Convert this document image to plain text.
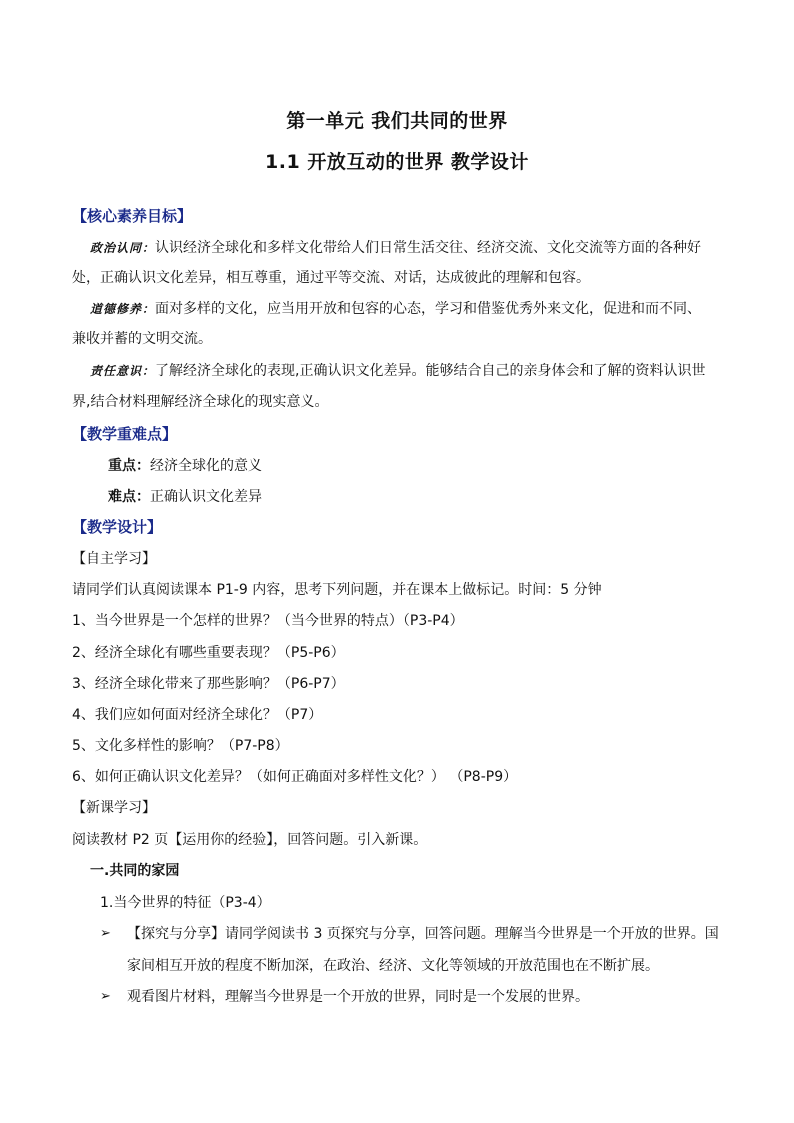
第一单元 我们共同的世界
1.1 开放互动的世界 教学设计
【核心素养目标】
政治认同：认识经济全球化和多样文化带给人们日常生活交往、经济交流、文化交流等方面的各种好
处，正确认识文化差异，相互尊重，通过平等交流、对话，达成彼此的理解和包容。
道德修养：面对多样的文化，应当用开放和包容的心态，学习和借鉴优秀外来文化，促进和而不同、
兼收并蓄的文明交流。
责任意识：了解经济全球化的表现,正确认识文化差异。能够结合自己的亲身体会和了解的资料认识世
界,结合材料理解经济全球化的现实意义。
【教学重难点】
重点：经济全球化的意义
难点：正确认识文化差异
【教学设计】
【自主学习】
请同学们认真阅读课本 P1-9 内容，思考下列问题，并在课本上做标记。时间：5 分钟
1、当今世界是一个怎样的世界？（当今世界的特点）（P3-P4）
2、经济全球化有哪些重要表现？（P5-P6）
3、经济全球化带来了那些影响？（P6-P7）
4、我们应如何面对经济全球化？（P7）
5、文化多样性的影响？（P7-P8）
6、如何正确认识文化差异？（如何正确面对多样性文化？） （P8-P9）
【新课学习】
阅读教材 P2 页【运用你的经验】，回答问题。引入新课。
一.共同的家园
1.当今世界的特征（P3-4）
➢ 【探究与分享】请同学阅读书 3 页探究与分享，回答问题。理解当今世界是一个开放的世界。国
家间相互开放的程度不断加深，在政治、经济、文化等领域的开放范围也在不断扩展。
➢ 观看图片材料，理解当今世界是一个开放的世界，同时是一个发展的世界。
